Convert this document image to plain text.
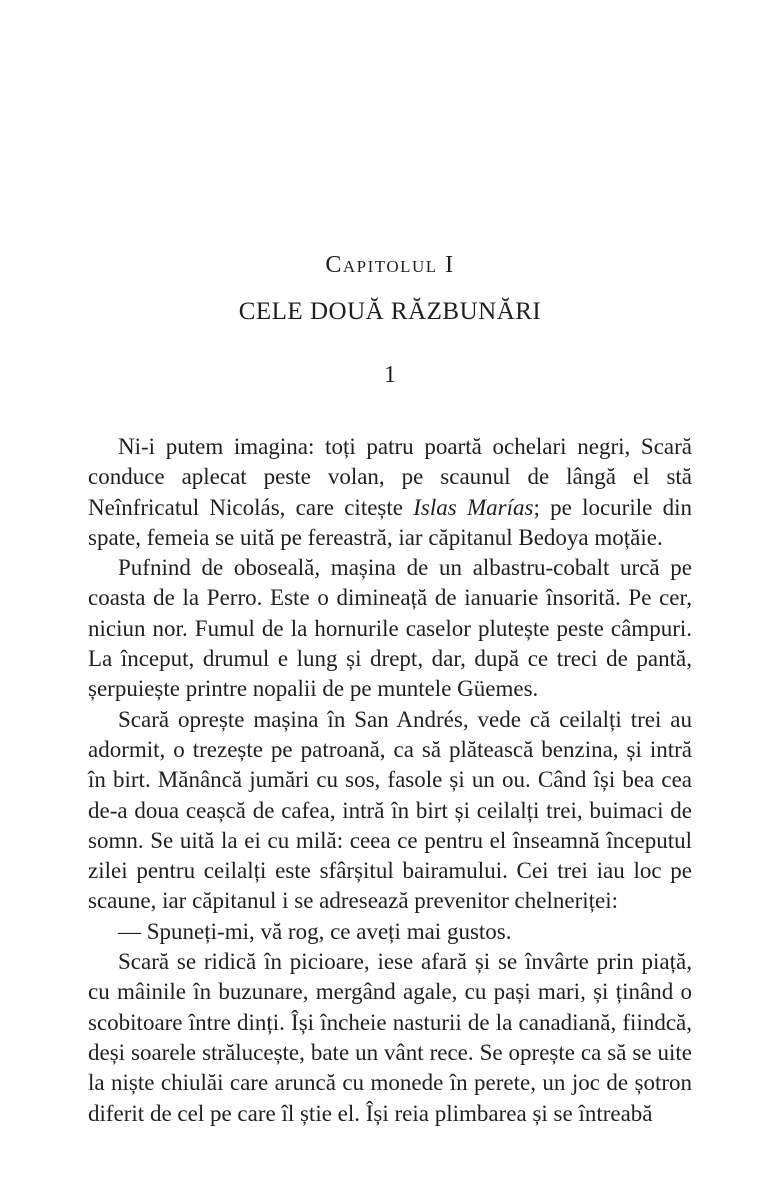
Capitolul I
CELE DOUĂ RĂZBUNĂRI
1

Ni-i putem imagina: toți patru poartă ochelari negri, Scară conduce aplecat peste volan, pe scaunul de lângă el stă Neînfricatul Nicolás, care citește Islas Marías; pe locurile din spate, femeia se uită pe fereastră, iar căpitanul Bedoya moțăie.

Pufnind de oboseală, mașina de un albastru-cobalt urcă pe coasta de la Perro. Este o dimineață de ianuarie însorită. Pe cer, niciun nor. Fumul de la hornurile caselor plutește peste câmpuri. La început, drumul e lung și drept, dar, după ce treci de pantă, șerpuiește printre nopalii de pe muntele Güemes.

Scară oprește mașina în San Andrés, vede că ceilalți trei au adormit, o trezește pe patroană, ca să plătească benzina, și intră în birt. Mănâncă jumări cu sos, fasole și un ou. Când își bea cea de-a doua ceașcă de cafea, intră în birt și ceilalți trei, buimaci de somn. Se uită la ei cu milă: ceea ce pentru el înseamnă începutul zilei pentru ceilalți este sfârșitul bairamului. Cei trei iau loc pe scaune, iar căpitanul i se adresează prevenitor chelneriței:

— Spuneți-mi, vă rog, ce aveți mai gustos.

Scară se ridică în picioare, iese afară și se învârte prin piață, cu mâinile în buzunare, mergând agale, cu pași mari, și ținând o scobitoare între dinți. Își încheie nasturii de la canadiană, fiindcă, deși soarele strălucește, bate un vânt rece. Se oprește ca să se uite la niște chiulăi care aruncă cu monede în perete, un joc de șotron diferit de cel pe care îl știe el. Își reia plimbarea și se întreabă
